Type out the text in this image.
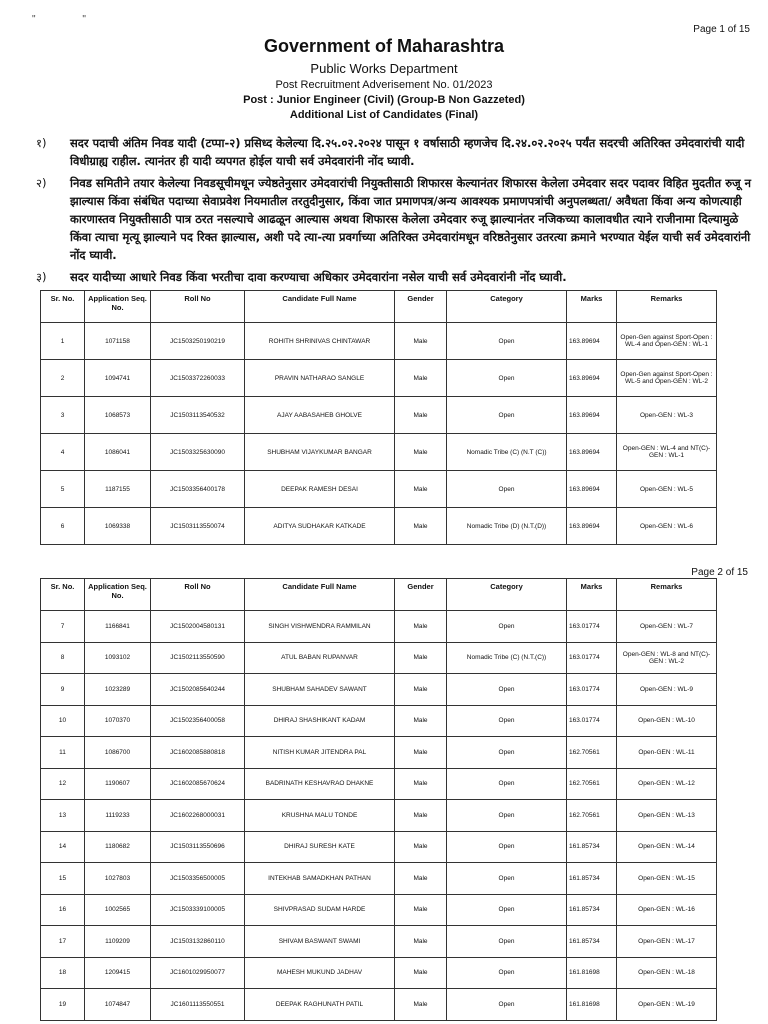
Page 1 of 15
" "
Government of Maharashtra
Public Works Department
Post Recruitment Adverisement No. 01/2023
Post : Junior Engineer (Civil) (Group-B Non Gazzeted)
Additional List of Candidates (Final)
१)	सदर पदाची अंतिम निवड यादी (टप्पा-२) प्रसिध्द केलेल्या दि.२५.०२.२०२४ पासून १ वर्षासाठी म्हणजेच दि.२४.०२.२०२५ पर्यंत सदरची अतिरिक्त उमेदवारांची यादी विधीग्राह्य राहील. त्यानंतर ही यादी व्यपगत होईल याची सर्व उमेदवारांनी नोंद घ्यावी.
२)	निवड समितीने तयार केलेल्या निवडसूचीमधून ज्येष्ठतेनुसार उमेदवारांची नियुक्तीसाठी शिफारस केल्यानंतर शिफारस केलेला उमेदवार सदर पदावर विहित मुदतीत रुजू न झाल्यास किंवा संबंधित पदाच्या सेवाप्रवेश नियमातील तरतुदीनुसार, किंवा जात प्रमाणपत्र/अन्य आवश्यक प्रमाणपत्रांची अनुपलब्धता/ अवैधता किंवा अन्य कोणत्याही कारणास्तव नियुक्तीसाठी पात्र ठरत नसल्याचे आढळून आल्यास अथवा शिफारस केलेला उमेदवार रुजू झाल्यानंतर नजिकच्या कालावधीत त्याने राजीनामा दिल्यामुळे किंवा त्याचा मृत्यू झाल्याने पद रिक्त झाल्यास, अशी पदे त्या-त्या प्रवर्गाच्या अतिरिक्त उमेदवारांमधून वरिष्ठतेनुसार उतरत्या क्रमाने भरण्यात येईल याची सर्व उमेदवारांनी नोंद घ्यावी.
३)	सदर यादीच्या आधारे निवड किंवा भरतीचा दावा करण्याचा अधिकार उमेदवारांना नसेल याची सर्व उमेदवारांनी नोंद घ्यावी.
Sr. No.	Application Seq. No.	Roll No	Candidate Full Name	Gender	Category	Marks	Remarks
1	1071158	JC1503250190219	ROHITH SHRINIVAS CHINTAWAR	Male	Open	163.89694	Open-Gen against Sport-Open : WL-4 and Open-GEN : WL-1
2	1094741	JC1503372260033	PRAVIN NATHARAO SANGLE	Male	Open	163.89694	Open-Gen against Sport-Open : WL-5 and Open-GEN : WL-2
3	1068573	JC1503113540532	AJAY AABASAHEB GHOLVE	Male	Open	163.89694	Open-GEN : WL-3
4	1086041	JC1503325630090	SHUBHAM VIJAYKUMAR BANGAR	Male	Nomadic Tribe (C) (N.T (C))	163.89694	Open-GEN : WL-4 and NT(C)-GEN : WL-1
5	1187155	JC1503356400178	DEEPAK RAMESH DESAI	Male	Open	163.89694	Open-GEN : WL-5
6	1069338	JC1503113550074	ADITYA SUDHAKAR KATKADE	Male	Nomadic Tribe (D) (N.T.(D))	163.89694	Open-GEN : WL-6
Page 2 of 15
Sr. No.	Application Seq. No.	Roll No	Candidate Full Name	Gender	Category	Marks	Remarks
7	1166841	JC1502004580131	SINGH VISHWENDRA RAMMILAN	Male	Open	163.01774	Open-GEN : WL-7
8	1093102	JC1502113550590	ATUL BABAN RUPANVAR	Male	Nomadic Tribe (C) (N.T.(C))	163.01774	Open-GEN : WL-8 and NT(C)-GEN : WL-2
9	1023289	JC1502085640244	SHUBHAM SAHADEV SAWANT	Male	Open	163.01774	Open-GEN : WL-9
10	1070370	JC1502356400058	DHIRAJ SHASHIKANT KADAM	Male	Open	163.01774	Open-GEN : WL-10
11	1086700	JC1602085880818	NITISH KUMAR JITENDRA PAL	Male	Open	162.70561	Open-GEN : WL-11
12	1190607	JC1602085670624	BADRINATH KESHAVRAO DHAKNE	Male	Open	162.70561	Open-GEN : WL-12
13	1119233	JC1602268000031	KRUSHNA MALU TONDE	Male	Open	162.70561	Open-GEN : WL-13
14	1180682	JC1503113550696	DHIRAJ SURESH KATE	Male	Open	161.85734	Open-GEN : WL-14
15	1027803	JC1503356500005	INTEKHAB SAMADKHAN PATHAN	Male	Open	161.85734	Open-GEN : WL-15
16	1002565	JC1503339100005	SHIVPRASAD SUDAM HARDE	Male	Open	161.85734	Open-GEN : WL-16
17	1109209	JC1503132860110	SHIVAM BASWANT SWAMI	Male	Open	161.85734	Open-GEN : WL-17
18	1209415	JC1601029950077	MAHESH MUKUND JADHAV	Male	Open	161.81698	Open-GEN : WL-18
19	1074847	JC1601113550551	DEEPAK RAGHUNATH PATIL	Male	Open	161.81698	Open-GEN : WL-19
